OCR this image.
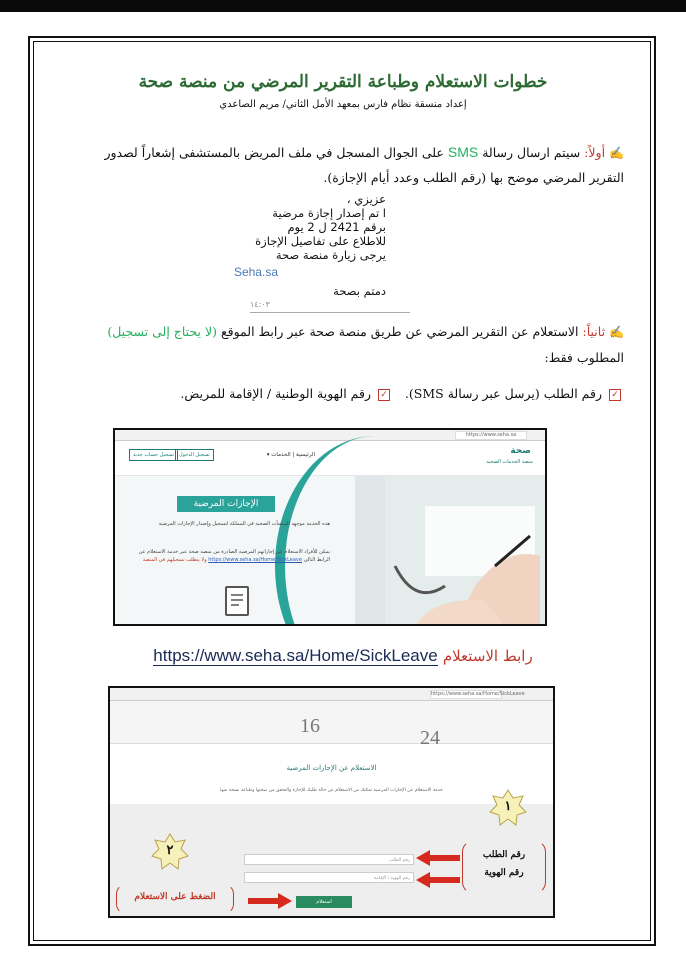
خطوات الاستعلام وطباعة التقرير المرضي من منصة صحة
إعداد منسقة نظام فارس بمعهد الأمل الثاني/ مريم الصاعدي
✍ أولاً: سيتم ارسال رسالة SMS على الجوال المسجل في ملف المريض بالمستشفى إشعاراً لصدور
التقرير المرضي موضح بها (رقم الطلب وعدد أيام الإجازة).
عزيزي ،
ا تم إصدار إجازة مرضية
برقم 2421 ل 2 يوم
للاطلاع على تفاصيل الإجازة
يرجى زيارة منصة صحة
Seha.sa
دمتم بصحة
١٤:٠٣
✍ ثانياً: الاستعلام عن التقرير المرضي عن طريق منصة صحة عبر رابط الموقع (لا يحتاج إلى تسجيل)
المطلوب فقط:
✓ رقم الطلب (يرسل عبر رسالة SMS).   ✓ رقم الهوية الوطنية / الإقامة للمريض.
https://www.seha.sa
صحة
منصة الخدمات الصحية
الرئيسية | الخدمات ▾
تسجيل الدخول
تسجيل حساب جديد
الإجازات المرضية
هذه الخدمة موجهة للمنشآت الصحية في المملكة لتسجيل وإصدار الإجازات المرضية
يمكن للأفراد الاستعلام عن إجازاتهم المرضية الصادرة من منصة صحة عبر خدمة الاستعلام عن الرابط التالي https://www.seha.sa/Home/SickLeave ولا يتطلب تسجيلهم في المنصة
https://www.seha.sa/Home/SickLeave رابط الاستعلام
https://www.seha.sa/Home/SickLeave
16
24
الاستعلام عن الإجازات المرضية
خدمة الاستعلام عن الإجازات المرضية تمكنك من الاستعلام عن حالة طلبك للإجازة والتحقق من صحتها وطباعة نسخة منها
رقم الطلب
رقم الهوية / الإقامة
استعلام
١
٢	رقم الطلب
رقم الهوية
الضغط على الاستعلام
